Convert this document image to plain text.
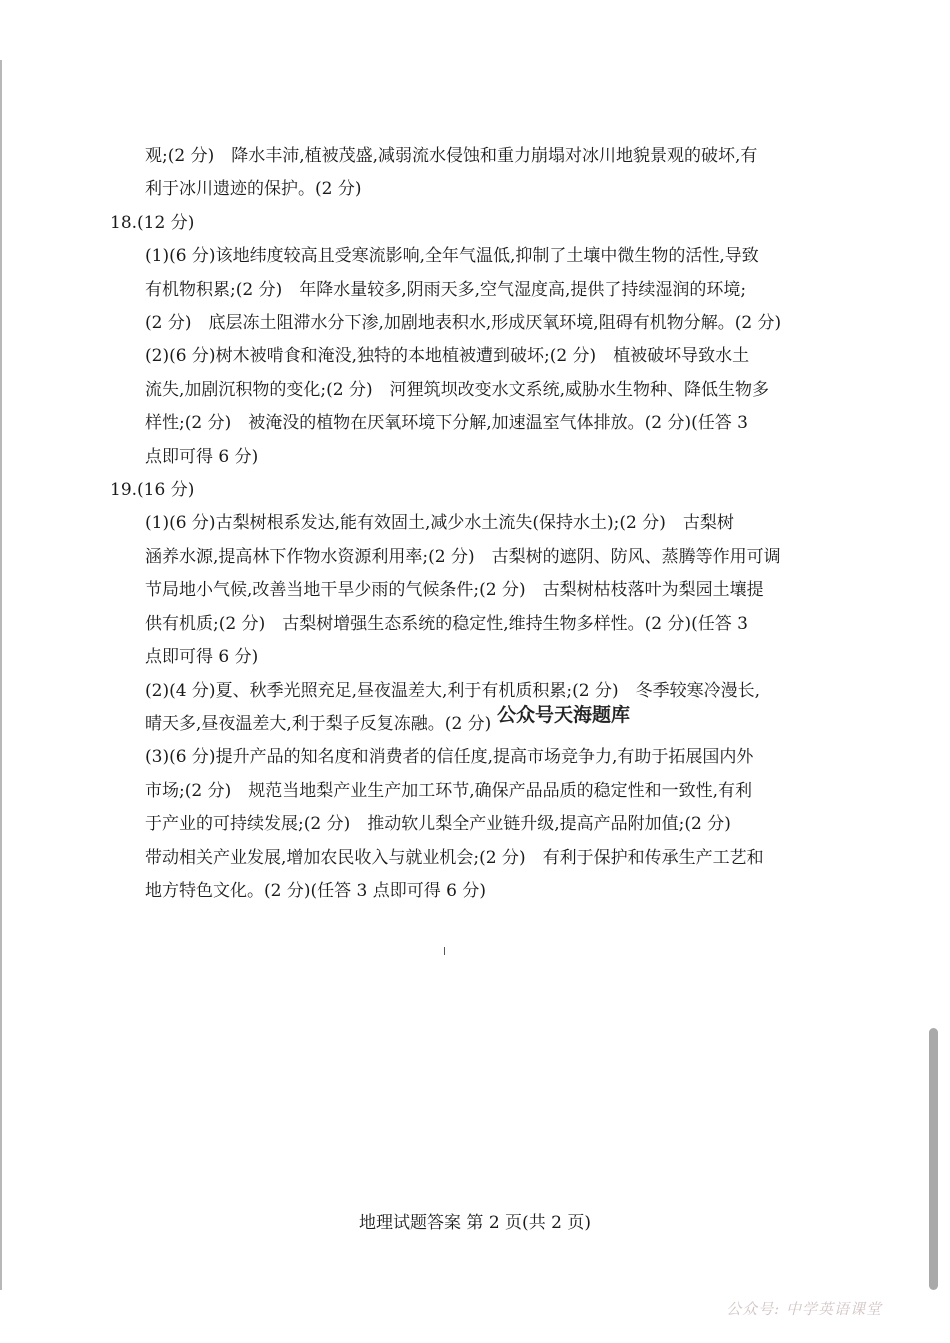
观;(2 分) 降水丰沛,植被茂盛,减弱流水侵蚀和重力崩塌对冰川地貌景观的破坏,有
利于冰川遗迹的保护。(2 分)
18.(12 分)
(1)(6 分)该地纬度较高且受寒流影响,全年气温低,抑制了土壤中微生物的活性,导致
有机物积累;(2 分) 年降水量较多,阴雨天多,空气湿度高,提供了持续湿润的环境;
(2 分) 底层冻土阻滞水分下渗,加剧地表积水,形成厌氧环境,阻碍有机物分解。(2 分)
(2)(6 分)树木被啃食和淹没,独特的本地植被遭到破坏;(2 分) 植被破坏导致水土
流失,加剧沉积物的变化;(2 分) 河狸筑坝改变水文系统,威胁水生物种、降低生物多
样性;(2 分) 被淹没的植物在厌氧环境下分解,加速温室气体排放。(2 分)(任答 3
点即可得 6 分)
19.(16 分)
(1)(6 分)古梨树根系发达,能有效固土,减少水土流失(保持水土);(2 分) 古梨树
涵养水源,提高林下作物水资源利用率;(2 分) 古梨树的遮阴、防风、蒸腾等作用可调
节局地小气候,改善当地干旱少雨的气候条件;(2 分) 古梨树枯枝落叶为梨园土壤提
供有机质;(2 分) 古梨树增强生态系统的稳定性,维持生物多样性。(2 分)(任答 3
点即可得 6 分)
(2)(4 分)夏、秋季光照充足,昼夜温差大,利于有机质积累;(2 分) 冬季较寒冷漫长,
晴天多,昼夜温差大,利于梨子反复冻融。(2 分)
(3)(6 分)提升产品的知名度和消费者的信任度,提高市场竞争力,有助于拓展国内外
市场;(2 分) 规范当地梨产业生产加工环节,确保产品品质的稳定性和一致性,有利
于产业的可持续发展;(2 分) 推动软儿梨全产业链升级,提高产品附加值;(2 分)
带动相关产业发展,增加农民收入与就业机会;(2 分) 有利于保护和传承生产工艺和
地方特色文化。(2 分)(任答 3 点即可得 6 分)
公众号天海题库
地理试题答案 第 2 页(共 2 页)
公众号: 中学英语课堂
